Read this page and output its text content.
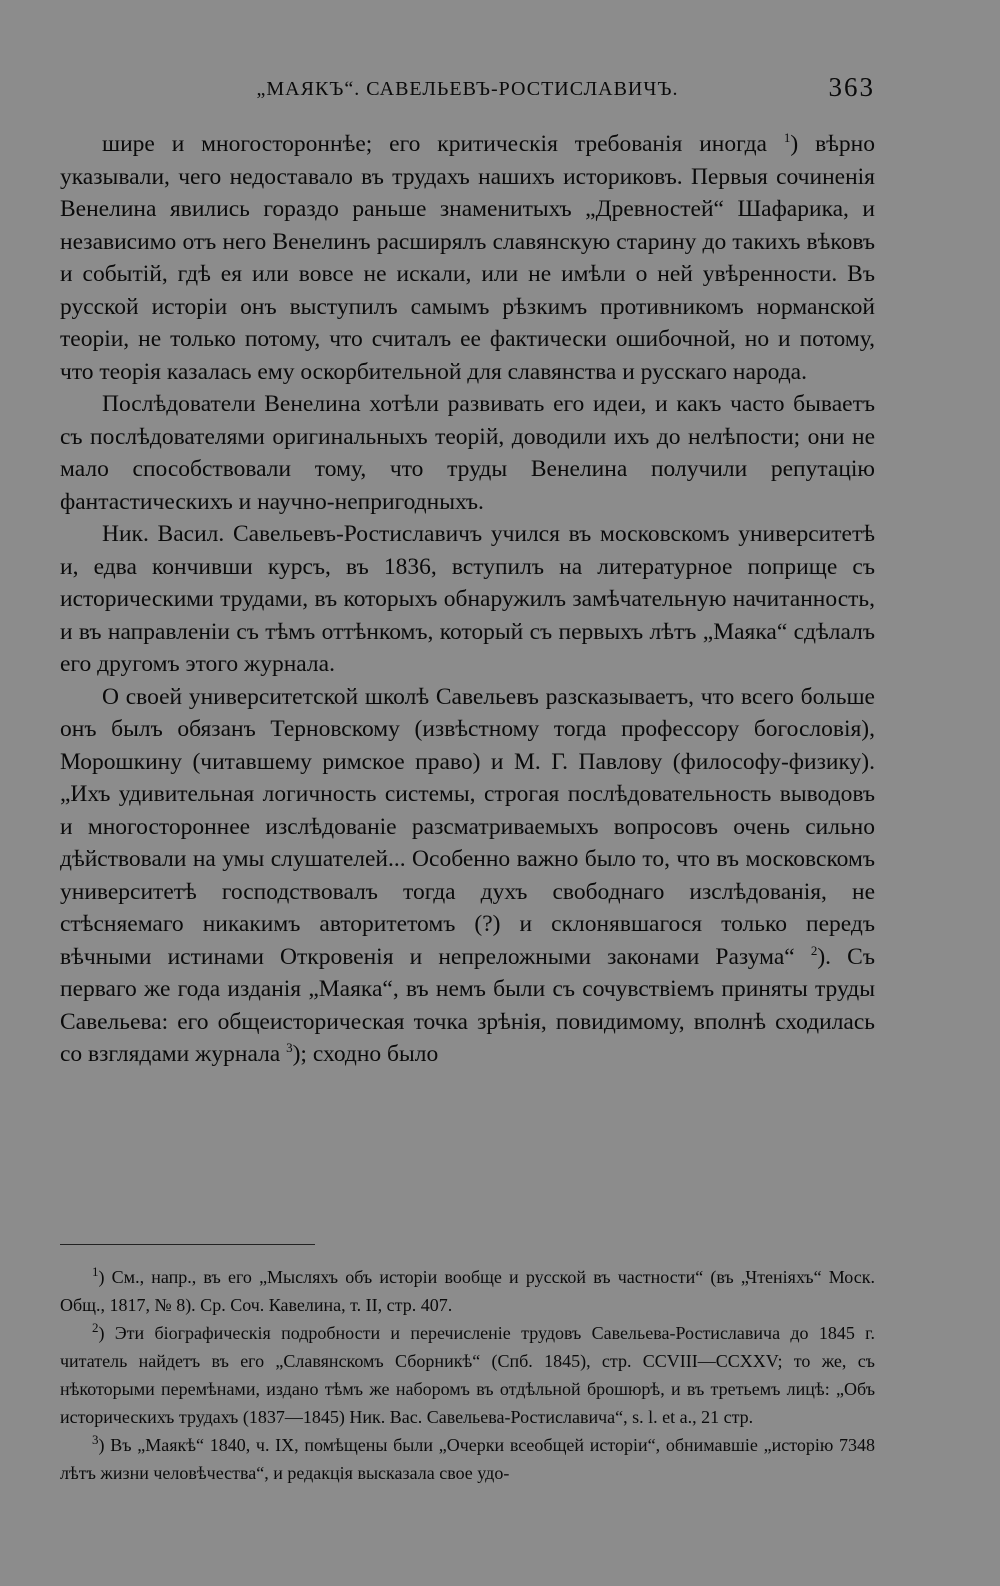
„МАЯКЪ“. САВЕЛЬЕВЪ-РОСТИСЛАВИЧЪ.	363

шире и многостороннѣе; его критическія требованія иногда $^1$) вѣрно указывали, чего недоставало въ трудахъ нашихъ историковъ. Первыя сочиненія Венелина явились гораздо раньше знаменитыхъ „Древностей“ Шафарика, и независимо отъ него Венелинъ расширялъ славянскую старину до такихъ вѣковъ и событій, гдѣ ея или вовсе не искали, или не имѣли о ней увѣренности. Въ русской исторіи онъ выступилъ самымъ рѣзкимъ противникомъ норманской теоріи, не только потому, что считалъ ее фактически ошибочной, но и потому, что теорія казалась ему оскорбительной для славянства и русскаго народа.

Послѣдователи Венелина хотѣли развивать его идеи, и какъ часто бываетъ съ послѣдователями оригинальныхъ теорій, доводили ихъ до нелѣпости; они не мало способствовали тому, что труды Венелина получили репутацію фантастическихъ и научно-непригодныхъ.

Ник. Васил. Савельевъ-Ростиславичъ учился въ московскомъ университетѣ и, едва кончивши курсъ, въ 1836, вступилъ на литературное поприще съ историческими трудами, въ которыхъ обнаружилъ замѣчательную начитанность, и въ направленіи съ тѣмъ оттѣнкомъ, который съ первыхъ лѣтъ „Маяка“ сдѣлалъ его другомъ этого журнала.

О своей университетской школѣ Савельевъ разсказываетъ, что всего больше онъ былъ обязанъ Терновскому (извѣстному тогда профессору богословія), Морошкину (читавшему римское право) и М. Г. Павлову (философу-физику). „Ихъ удивительная логичность системы, строгая послѣдовательность выводовъ и многостороннее изслѣдованіе разсматриваемыхъ вопросовъ очень сильно дѣйствовали на умы слушателей... Особенно важно было то, что въ московскомъ университетѣ господствовалъ тогда духъ свободнаго изслѣдованія, не стѣсняемаго никакимъ авторитетомъ (?) и склонявшагося только передъ вѣчными истинами Откровенія и непреложными законами Разума“ $^2$). Съ перваго же года изданія „Маяка“, въ немъ были съ сочувствіемъ приняты труды Савельева: его общеисторическая точка зрѣнія, повидимому, вполнѣ сходилась со взглядами журнала $^3$); сходно было

$^1$) См., напр., въ его „Мысляхъ объ исторіи вообще и русской въ частности“ (въ „Чтеніяхъ“ Моск. Общ., 1817, № 8). Ср. Соч. Кавелина, т. II, стр. 407.

$^2$) Эти біографическія подробности и перечисленіе трудовъ Савельева-Ростиславича до 1845 г. читатель найдетъ въ его „Славянскомъ Сборникѣ“ (Спб. 1845), стр. CCVIII—CCXXV; то же, съ нѣкоторыми перемѣнами, издано тѣмъ же наборомъ въ отдѣльной брошюрѣ, и въ третьемъ лицѣ: „Объ историческихъ трудахъ (1837—1845) Ник. Вас. Савельева-Ростиславича“, s. l. et a., 21 стр.

$^3$) Въ „Маякѣ“ 1840, ч. IX, помѣщены были „Очерки всеобщей исторіи“, обнимавшіе „исторію 7348 лѣтъ жизни человѣчества“, и редакція высказала свое удо-
